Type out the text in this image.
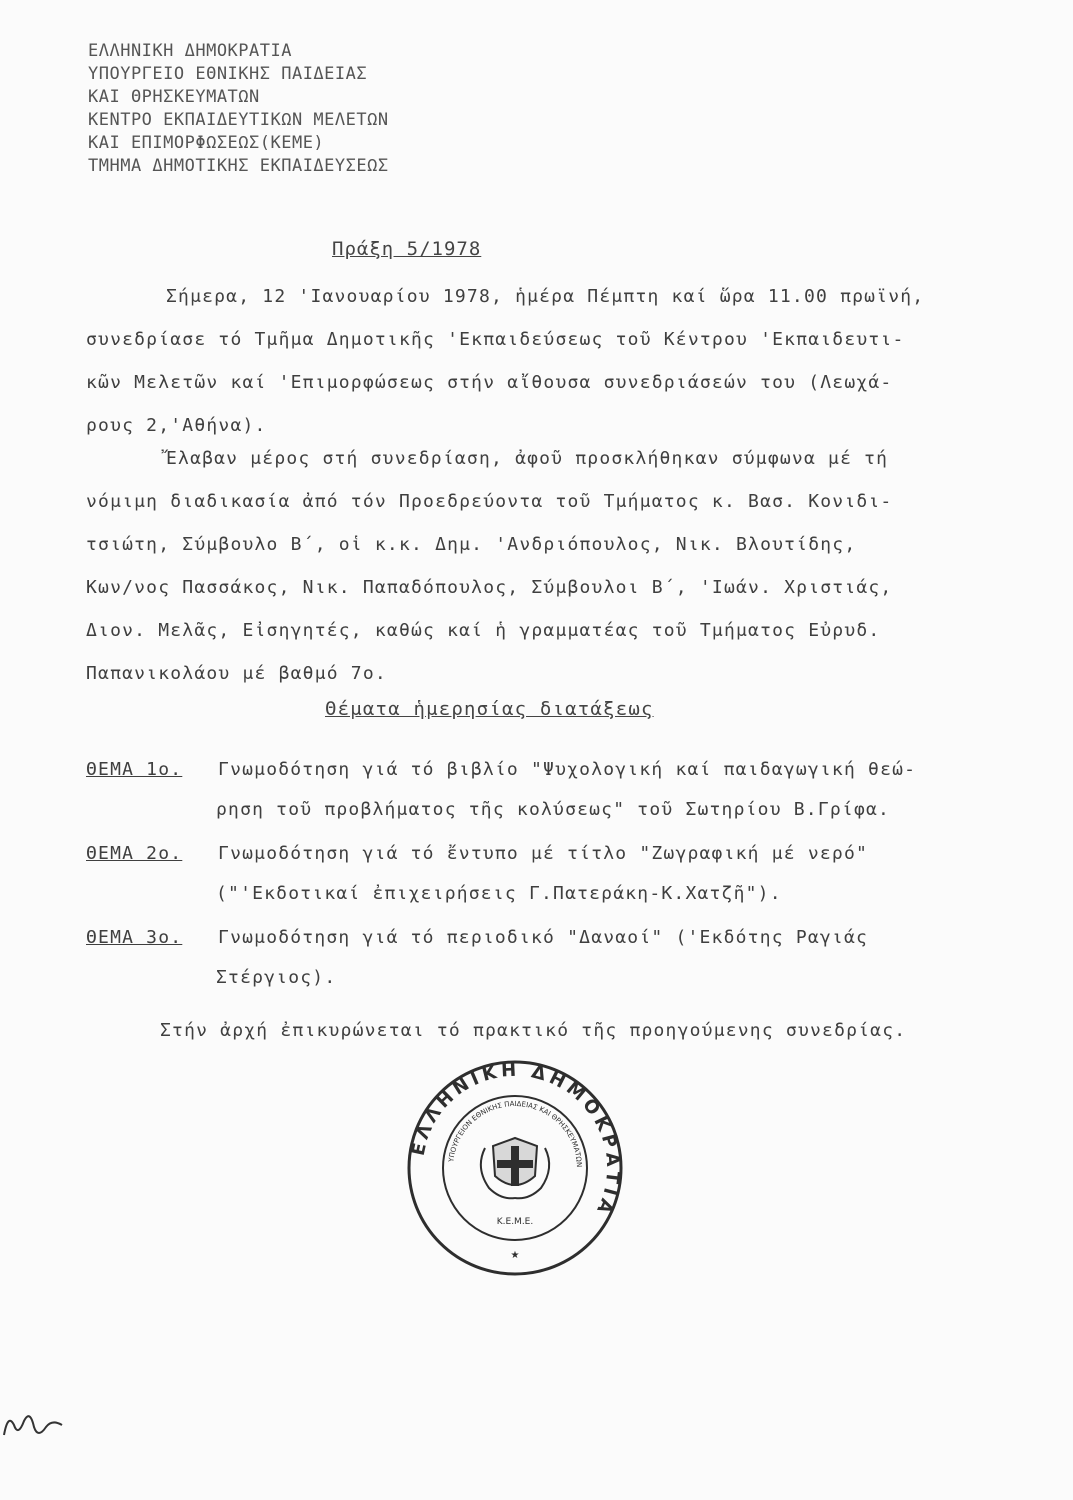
ΕΛΛΗΝΙΚΗ ΔΗΜΟΚΡΑΤΙΑ
ΥΠΟΥΡΓΕΙΟ ΕΘΝΙΚΗΣ ΠΑΙΔΕΙΑΣ
ΚΑΙ ΘΡΗΣΚΕΥΜΑΤΩΝ
ΚΕΝΤΡΟ ΕΚΠΑΙΔΕΥΤΙΚΩΝ ΜΕΛΕΤΩΝ
ΚΑΙ ΕΠΙΜΟΡΦΩΣΕΩΣ(ΚΕΜΕ)
ΤΜΗΜΑ ΔΗΜΟΤΙΚΗΣ ΕΚΠΑΙΔΕΥΣΕΩΣ
Πράξη 5/1978
Σήμερα, 12 'Ιανουαρίου 1978, ἡμέρα Πέμπτη καί ὥρα 11.00 πρωϊνή,
συνεδρίασε τό Τμῆμα Δημοτικῆς 'Εκπαιδεύσεως τοῦ Κέντρου 'Εκπαιδευτι-
κῶν Μελετῶν καί 'Επιμορφώσεως στήν αἴθουσα συνεδριάσεών του (Λεωχά-
ρους 2,'Αθήνα).
Ἔλαβαν μέρος στή συνεδρίαση, ἀφοῦ προσκλήθηκαν σύμφωνα μέ τή
νόμιμη διαδικασία ἀπό τόν Προεδρεύοντα τοῦ Τμήματος κ. Βασ. Κονιδι-
τσιώτη, Σύμβουλο Β΄, οἱ κ.κ. Δημ. 'Ανδριόπουλος, Νικ. Βλουτίδης,
Κων/νος Πασσάκος, Νικ. Παπαδόπουλος, Σύμβουλοι Β΄, 'Ιωάν. Χριστιάς,
Διον. Μελᾶς, Εἰσηγητές, καθώς καί ἡ γραμματέας τοῦ Τμήματος Εὐρυδ.
Παπανικολάου μέ βαθμό 7ο.
Θέματα ἡμερησίας διατάξεως
ΘΕΜΑ 1ο. Γνωμοδότηση γιά τό βιβλίο "Ψυχολογική καί παιδαγωγική θεώ-
ρηση τοῦ προβλήματος τῆς κολύσεως" τοῦ Σωτηρίου Β.Γρίφα.
ΘΕΜΑ 2ο. Γνωμοδότηση γιά τό ἔντυπο μέ τίτλο "Ζωγραφική μέ νερό"
("'Εκδοτικαί ἐπιχειρήσεις Γ.Πατεράκη-Κ.Χατζῆ").
ΘΕΜΑ 3ο. Γνωμοδότηση γιά τό περιοδικό "Δαναοί" ('Εκδότης Ραγιάς
Στέργιος).
Στήν ἀρχή ἐπικυρώνεται τό πρακτικό τῆς προηγούμενης συνεδρίας.
ΕΛΛΗΝΙΚΗ ΔΗΜΟΚΡΑΤΙΑ
ΥΠΟΥΡΓΕΙΟΝ ΕΘΝΙΚΗΣ ΠΑΙΔΕΙΑΣ ΚΑΙ ΘΡΗΣΚΕΥΜΑΤΩΝ
Κ.Ε.Μ.Ε.
★
